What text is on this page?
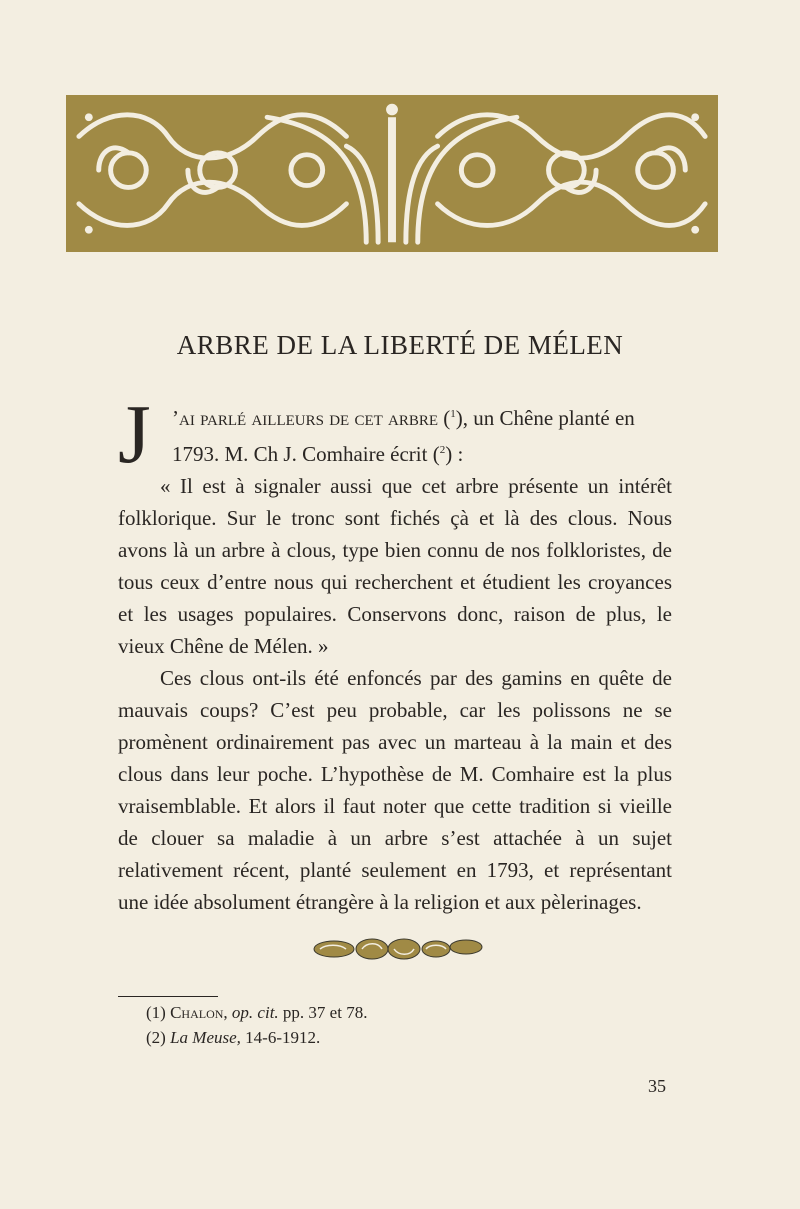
ARBRE DE LA LIBERTÉ DE MÉLEN
J ’ai parlé ailleurs de cet arbre ($^1$), un Chêne planté en
1793. M. Ch J. Comhaire écrit ($^2$) :

« Il est à signaler aussi que cet arbre présente un intérêt folklorique. Sur le tronc sont fichés çà et là des clous. Nous avons là un arbre à clous, type bien connu de nos folkloristes, de tous ceux d’entre nous qui recherchent et étudient les croyances et les usages populaires. Conservons donc, raison de plus, le vieux Chêne de Mélen. »

Ces clous ont-ils été enfoncés par des gamins en quête de mauvais coups? C’est peu probable, car les polissons ne se promènent ordinairement pas avec un marteau à la main et des clous dans leur poche. L’hypothèse de M. Comhaire est la plus vraisemblable. Et alors il faut noter que cette tradition si vieille de clouer sa maladie à un arbre s’est attachée à un sujet relativement récent, planté seulement en 1793, et représentant une idée absolument étrangère à la religion et aux pèlerinages.

(1) Chalon, op. cit. pp. 37 et 78.
(2) La Meuse, 14-6-1912.
35
